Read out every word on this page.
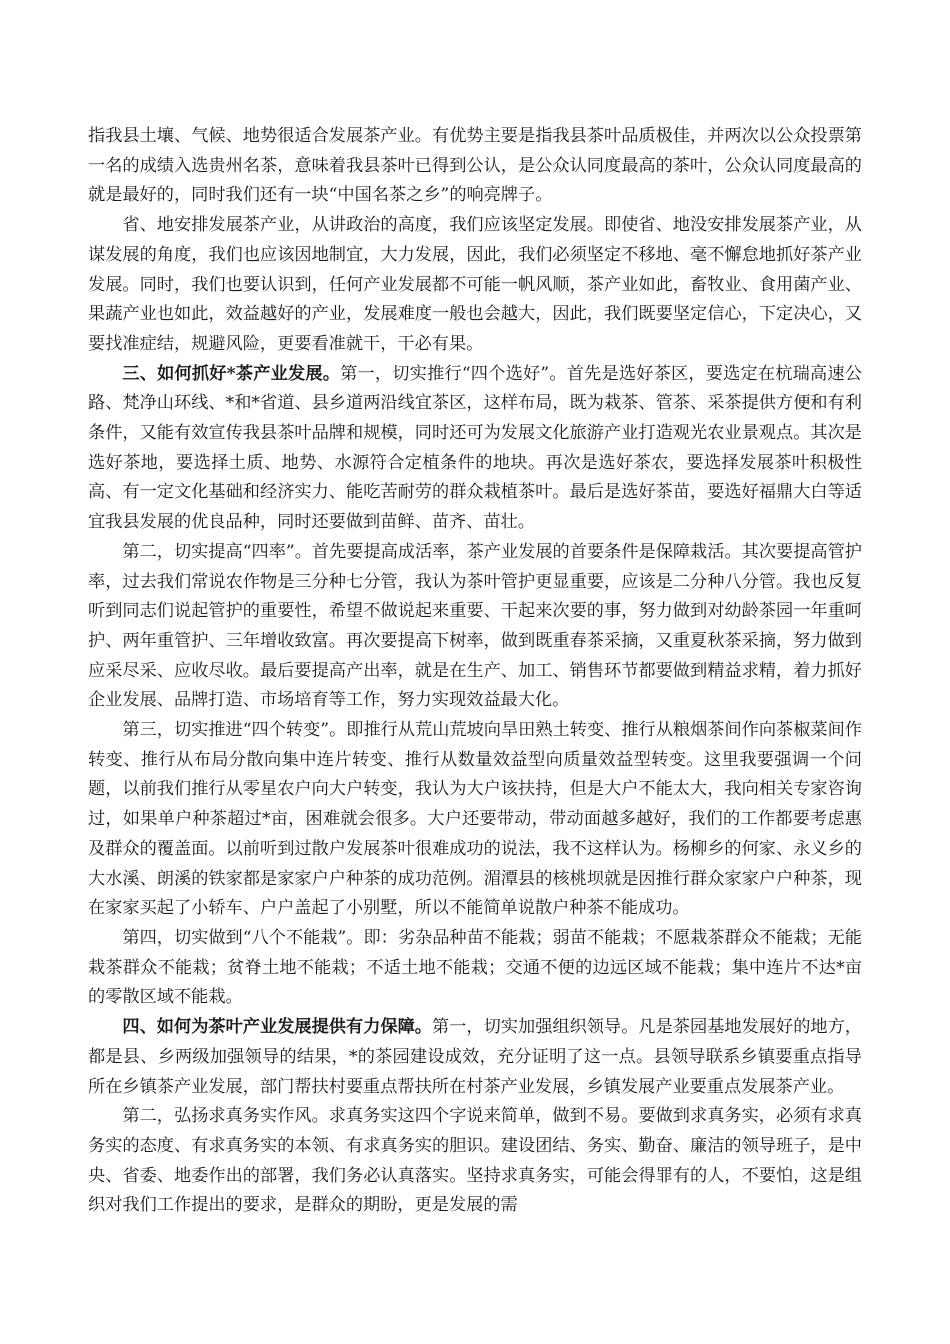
指我县土壤、气候、地势很适合发展茶产业。有优势主要是指我县茶叶品质极佳，并两次以公众投票第一名的成绩入选贵州名茶，意味着我县茶叶已得到公认，是公众认同度最高的茶叶，公众认同度最高的就是最好的，同时我们还有一块“中国名茶之乡”的响亮牌子。

省、地安排发展茶产业，从讲政治的高度，我们应该坚定发展。即使省、地没安排发展茶产业，从谋发展的角度，我们也应该因地制宜，大力发展，因此，我们必须坚定不移地、毫不懈怠地抓好茶产业发展。同时，我们也要认识到，任何产业发展都不可能一帆风顺，茶产业如此，畜牧业、食用菌产业、果蔬产业也如此，效益越好的产业，发展难度一般也会越大，因此，我们既要坚定信心，下定决心，又要找准症结，规避风险，更要看准就干，干必有果。

三、如何抓好*茶产业发展。第一，切实推行“四个选好”。首先是选好茶区，要选定在杭瑞高速公路、梵净山环线、*和*省道、县乡道两沿线宜茶区，这样布局，既为栽茶、管茶、采茶提供方便和有利条件，又能有效宣传我县茶叶品牌和规模，同时还可为发展文化旅游产业打造观光农业景观点。其次是选好茶地，要选择土质、地势、水源符合定植条件的地块。再次是选好茶农，要选择发展茶叶积极性高、有一定文化基础和经济实力、能吃苦耐劳的群众栽植茶叶。最后是选好茶苗，要选好福鼎大白等适宜我县发展的优良品种，同时还要做到苗鲜、苗齐、苗壮。

第二，切实提高“四率”。首先要提高成活率，茶产业发展的首要条件是保障栽活。其次要提高管护率，过去我们常说农作物是三分种七分管，我认为茶叶管护更显重要，应该是二分种八分管。我也反复听到同志们说起管护的重要性，希望不做说起来重要、干起来次要的事，努力做到对幼龄茶园一年重呵护、两年重管护、三年增收致富。再次要提高下树率，做到既重春茶采摘，又重夏秋茶采摘，努力做到应采尽采、应收尽收。最后要提高产出率，就是在生产、加工、销售环节都要做到精益求精，着力抓好企业发展、品牌打造、市场培育等工作，努力实现效益最大化。

第三，切实推进“四个转变”。即推行从荒山荒坡向旱田熟土转变、推行从粮烟茶间作向茶椒菜间作转变、推行从布局分散向集中连片转变、推行从数量效益型向质量效益型转变。这里我要强调一个问题，以前我们推行从零星农户向大户转变，我认为大户该扶持，但是大户不能太大，我向相关专家咨询过，如果单户种茶超过*亩，困难就会很多。大户还要带动，带动面越多越好，我们的工作都要考虑惠及群众的覆盖面。以前听到过散户发展茶叶很难成功的说法，我不这样认为。杨柳乡的何家、永义乡的大水溪、朗溪的铁家都是家家户户种茶的成功范例。湄潭县的核桃坝就是因推行群众家家户户种茶，现在家家买起了小轿车、户户盖起了小别墅，所以不能简单说散户种茶不能成功。

第四，切实做到“八个不能栽”。即：劣杂品种苗不能栽；弱苗不能栽；不愿栽茶群众不能栽；无能栽茶群众不能栽；贫脊土地不能栽；不适土地不能栽；交通不便的边远区域不能栽；集中连片不达*亩的零散区域不能栽。

四、如何为茶叶产业发展提供有力保障。第一，切实加强组织领导。凡是茶园基地发展好的地方，都是县、乡两级加强领导的结果，*的茶园建设成效，充分证明了这一点。县领导联系乡镇要重点指导所在乡镇茶产业发展，部门帮扶村要重点帮扶所在村茶产业发展，乡镇发展产业要重点发展茶产业。

第二，弘扬求真务实作风。求真务实这四个字说来简单，做到不易。要做到求真务实，必须有求真务实的态度、有求真务实的本领、有求真务实的胆识。建设团结、务实、勤奋、廉洁的领导班子，是中央、省委、地委作出的部署，我们务必认真落实。坚持求真务实，可能会得罪有的人，不要怕，这是组织对我们工作提出的要求，是群众的期盼，更是发展的需
